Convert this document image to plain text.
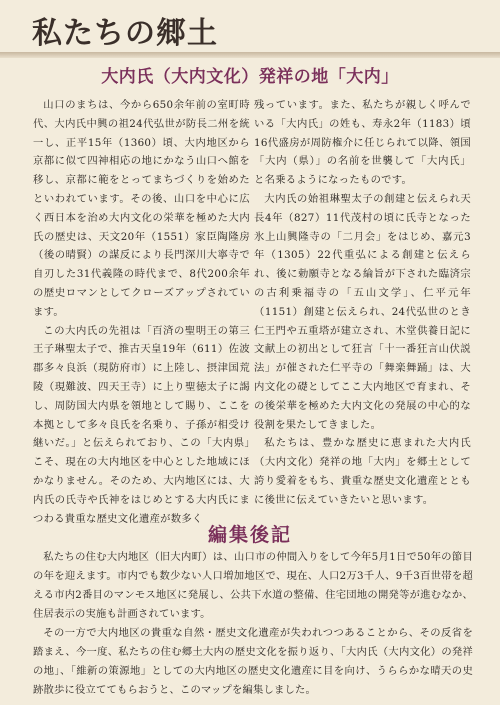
私たちの郷土
大内氏（大内文化）発祥の地「大内」

山口のまちは、今から650余年前の室町時代、大内氏中興の祖24代弘世が防長二州を統一し、正平15年（1360）頃、大内地区から京都に似て四神相応の地にかなう山口へ館を移し、京都に範をとってまちづくりを始めたといわれています。その後、山口を中心に広く西日本を治め大内文化の栄華を極めた大内氏の歴史は、天文20年（1551）家臣陶隆房（後の晴賢）の謀反により長門深川大寧寺で自刃した31代義隆の時代まで、8代200余年の歴史ロマンとしてクローズアップされています。

この大内氏の先祖は「百済の聖明王の第三王子琳聖太子で、推古天皇19年（611）佐波郡多々良浜（現防府市）に上陸し、摂津国荒陵（現難波、四天王寺）に上り聖徳太子に謁し、周防国大内県を領地として賜り、ここを本拠として多々良氏を名乗り、子孫が相受け継いだ。」と伝えられており、この「大内県」こそ、現在の大内地区を中心とした地域にほかなりません。そのため、大内地区には、大内氏の氏寺や氏神をはじめとする大内氏にまつわる貴重な歴史文化遺産が数多く

残っています。また、私たちが親しく呼んでいる「大内氏」の姓も、寿永2年（1183）頃16代盛房が周防権介に任じられて以降、領国「大内（県）」の名前を世襲して「大内氏」と名乗るようになったものです。

大内氏の始祖琳聖太子の創建と伝えられ天長4年（827）11代茂村の頃に氏寺となった氷上山興隆寺の「二月会」をはじめ、嘉元3年（1305）22代重弘による創建と伝えられ、後に勅願寺となる綸旨が下された臨済宗の古利乗福寺の「五山文学」、仁平元年（1151）創建と伝えられ、24代弘世のとき仁王門や五重塔が建立され、木堂供養日記に文献上の初出として狂言「十一番狂言山伏説法」が催された仁平寺の「舞楽舞踊」は、大内文化の礎としてここ大内地区で育まれ、その後栄華を極めた大内文化の発展の中心的な役割を果たしてきました。

私たちは、豊かな歴史に恵まれた大内氏（大内文化）発祥の地「大内」を郷土として誇り愛着をもち、貴重な歴史文化遺産とともに後世に伝えていきたいと思います。

編集後記

私たちの住む大内地区（旧大内町）は、山口市の仲間入りをして今年5月1日で50年の節目の年を迎えます。市内でも数少ない人口増加地区で、現在、人口2万3千人、9千3百世帯を超える市内2番目のマンモス地区に発展し、公共下水道の整備、住宅団地の開発等が進むなか、住居表示の実施も計画されています。

その一方で大内地区の貴重な自然・歴史文化遺産が失われつつあることから、その反省を踏まえ、今一度、私たちの住む郷土大内の歴史文化を振り返り、「大内氏（大内文化）の発祥の地」、「維新の策源地」としての大内地区の歴史文化遺産に目を向け、うららかな晴天の史跡散歩に役立ててもらおうと、このマップを編集しました。
